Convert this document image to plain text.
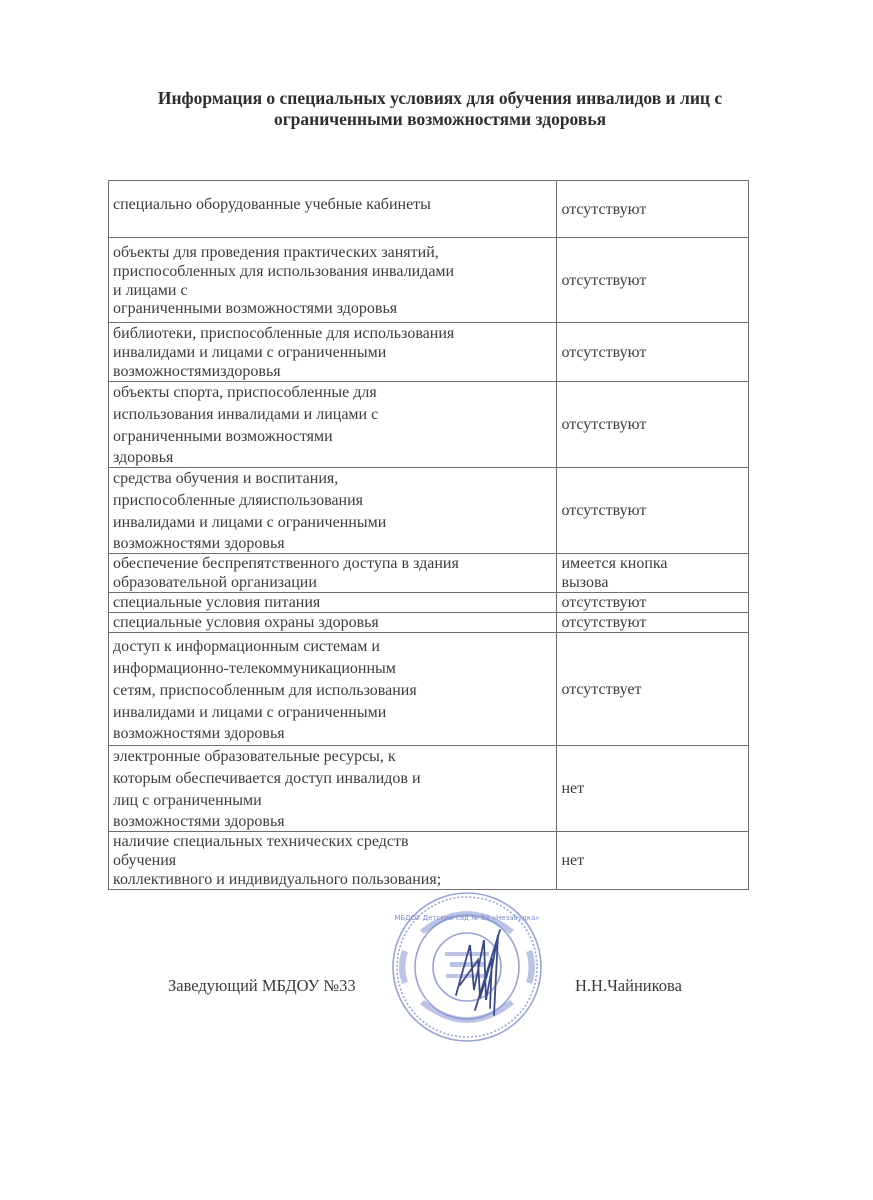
Информация о специальных условиях для обучения инвалидов и лиц с
ограниченными возможностями здоровья
специально оборудованные учебные кабинеты	отсутствуют

объекты для проведения практических занятий,
приспособленных для использования инвалидами
и лицами с
ограниченными возможностями здоровья	отсутствуют

библиотеки, приспособленные для использования
инвалидами и лицами с ограниченными
возможностямиздоровья	отсутствуют

объекты спорта, приспособленные для
использования инвалидами и лицами с
ограниченными возможностями
здоровья	отсутствуют

средства обучения и воспитания,
приспособленные дляиспользования
инвалидами и лицами с ограниченными
возможностями здоровья	отсутствуют

обеспечение беспрепятственного доступа в здания
образовательной организации	имеется кнопка
вызова

специальные условия питания	отсутствуют

специальные условия охраны здоровья	отсутствуют

доступ к информационным системам и
информационно-телекоммуникационным
сетям, приспособленным для использования
инвалидами и лицами с ограниченными
возможностями здоровья	отсутствует

электронные образовательные ресурсы, к
которым обеспечивается доступ инвалидов и
лиц с ограниченными
возможностями здоровья	нет

наличие специальных технических средств
обучения
коллективного и индивидуального пользования;	нет
МБДОУ Детский сад № 33 «Незабудка»
Заведующий МБДОУ №33	Н.Н.Чайникова
